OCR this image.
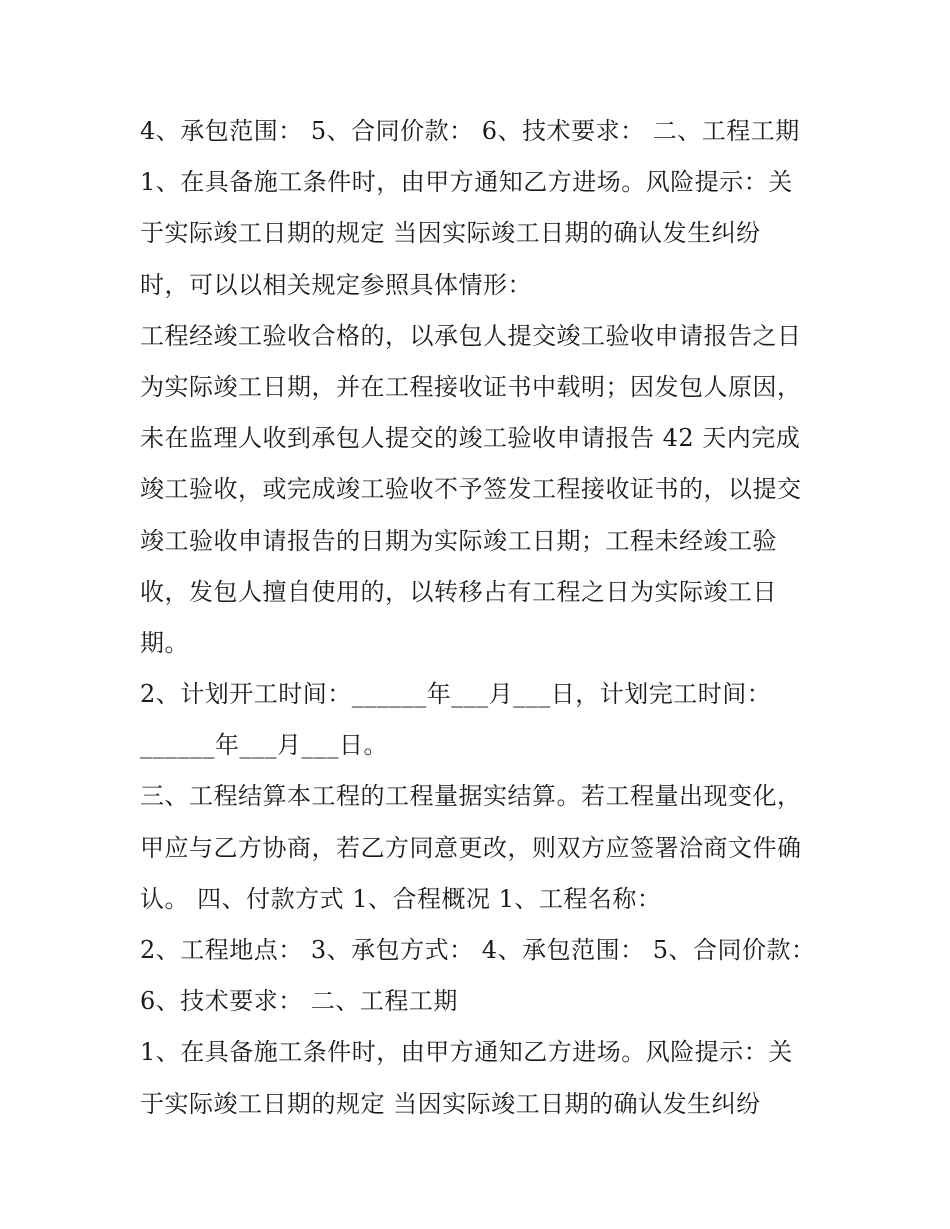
4、承包范围： 5、合同价款： 6、技术要求： 二、工程工期
1、在具备施工条件时，由甲方通知乙方进场。风险提示：关
于实际竣工日期的规定 当因实际竣工日期的确认发生纠纷
时，可以以相关规定参照具体情形：
工程经竣工验收合格的，以承包人提交竣工验收申请报告之日
为实际竣工日期，并在工程接收证书中载明；因发包人原因，
未在监理人收到承包人提交的竣工验收申请报告 42 天内完成
竣工验收，或完成竣工验收不予签发工程接收证书的，以提交
竣工验收申请报告的日期为实际竣工日期；工程未经竣工验
收，发包人擅自使用的，以转移占有工程之日为实际竣工日
期。
2、计划开工时间：______年___月___日，计划完工时间：
______年___月___日。
三、工程结算本工程的工程量据实结算。若工程量出现变化，
甲应与乙方协商，若乙方同意更改，则双方应签署洽商文件确
认。 四、付款方式 1、合程概况 1、工程名称：
2、工程地点： 3、承包方式： 4、承包范围： 5、合同价款：
6、技术要求： 二、工程工期
1、在具备施工条件时，由甲方通知乙方进场。风险提示：关
于实际竣工日期的规定 当因实际竣工日期的确认发生纠纷
